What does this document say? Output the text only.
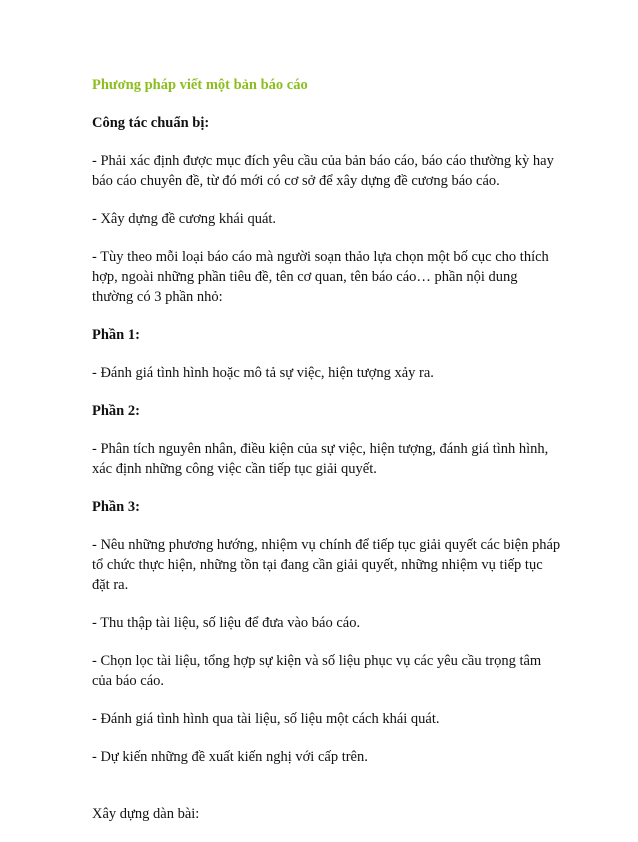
Phương pháp viết một bản báo cáo

Công tác chuẩn bị:

- Phải xác định được mục đích yêu cầu của bản báo cáo, báo cáo thường kỳ hay báo cáo chuyên đề, từ đó mới có cơ sở để xây dựng đề cương báo cáo.

- Xây dựng đề cương khái quát.

- Tùy theo mỗi loại báo cáo mà người soạn thảo lựa chọn một bố cục cho thích hợp, ngoài những phần tiêu đề, tên cơ quan, tên báo cáo… phần nội dung thường có 3 phần nhỏ:

Phần 1:

- Đánh giá tình hình hoặc mô tả sự việc, hiện tượng xảy ra.

Phần 2:

- Phân tích nguyên nhân, điều kiện của sự việc, hiện tượng, đánh giá tình hình, xác định những công việc cần tiếp tục giải quyết.

Phần 3:

- Nêu những phương hướng, nhiệm vụ chính để tiếp tục giải quyết các biện pháp tổ chức thực hiện, những tồn tại đang cần giải quyết, những nhiệm vụ tiếp tục đặt ra.

- Thu thập tài liệu, số liệu để đưa vào báo cáo.

- Chọn lọc tài liệu, tổng hợp sự kiện và số liệu phục vụ các yêu cầu trọng tâm của báo cáo.

- Đánh giá tình hình qua tài liệu, số liệu một cách khái quát.

- Dự kiến những đề xuất kiến nghị với cấp trên.

Xây dựng dàn bài:
